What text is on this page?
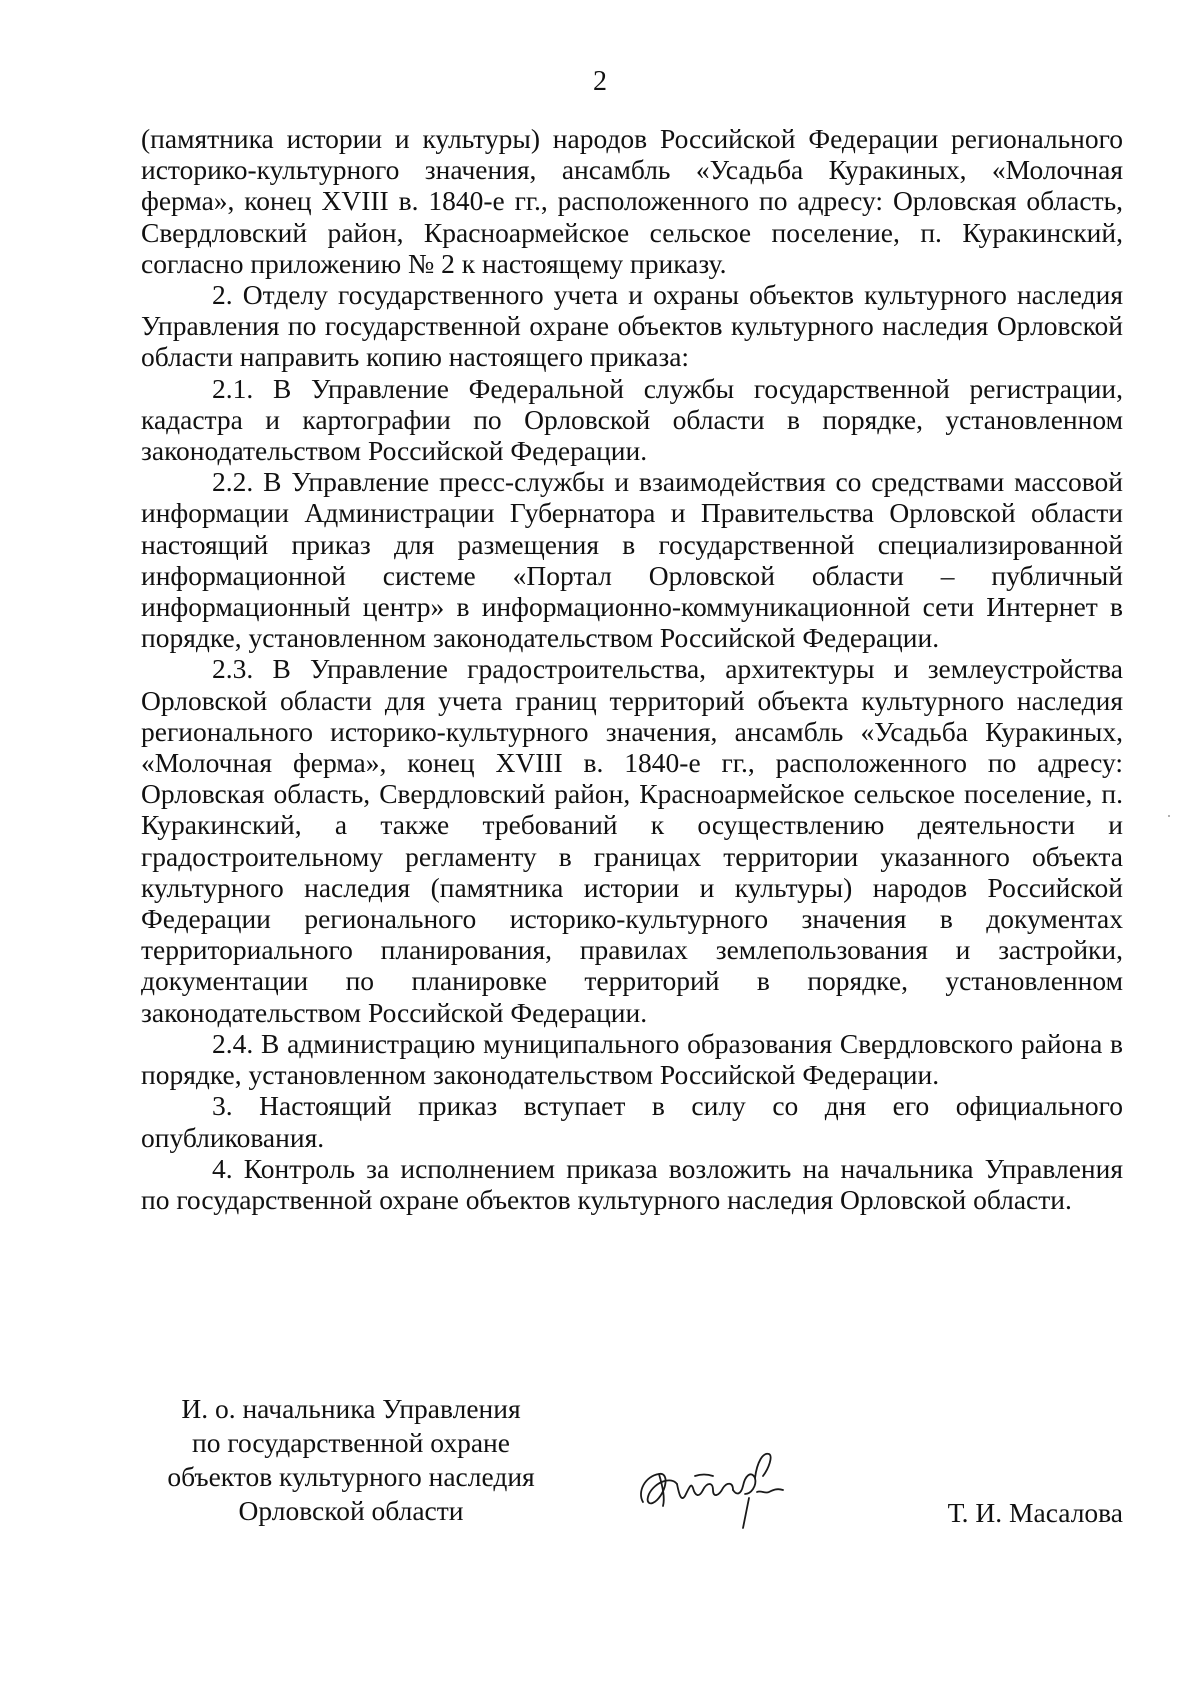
2

(памятника истории и культуры) народов Российской Федерации регионального историко-культурного значения, ансамбль «Усадьба Куракиных, «Молочная ферма», конец XVIII в. 1840-е гг., расположенного по адресу: Орловская область, Свердловский район, Красноармейское сельское поселение, п. Куракинский, согласно приложению № 2 к настоящему приказу.

2. Отделу государственного учета и охраны объектов культурного наследия Управления по государственной охране объектов культурного наследия Орловской области направить копию настоящего приказа:

2.1. В Управление Федеральной службы государственной регистрации, кадастра и картографии по Орловской области в порядке, установленном законодательством Российской Федерации.

2.2. В Управление пресс-службы и взаимодействия со средствами массовой информации Администрации Губернатора и Правительства Орловской области настоящий приказ для размещения в государственной специализированной информационной системе «Портал Орловской области – публичный информационный центр» в информационно-коммуникационной сети Интернет в порядке, установленном законодательством Российской Федерации.

2.3. В Управление градостроительства, архитектуры и землеустройства Орловской области для учета границ территорий объекта культурного наследия регионального историко-культурного значения, ансамбль «Усадьба Куракиных, «Молочная ферма», конец XVIII в. 1840-е гг., расположенного по адресу: Орловская область, Свердловский район, Красноармейское сельское поселение, п. Куракинский, а также требований к осуществлению деятельности и градостроительному регламенту в границах территории указанного объекта культурного наследия (памятника истории и культуры) народов Российской Федерации регионального историко-культурного значения в документах территориального планирования, правилах землепользования и застройки, документации по планировке территорий в порядке, установленном законодательством Российской Федерации.

2.4. В администрацию муниципального образования Свердловского района в порядке, установленном законодательством Российской Федерации.

3. Настоящий приказ вступает в силу со дня его официального опубликования.

4. Контроль за исполнением приказа возложить на начальника Управления по государственной охране объектов культурного наследия Орловской области.

И. о. начальника Управления
по государственной охране
объектов культурного наследия
Орловской области	Т. И. Масалова
